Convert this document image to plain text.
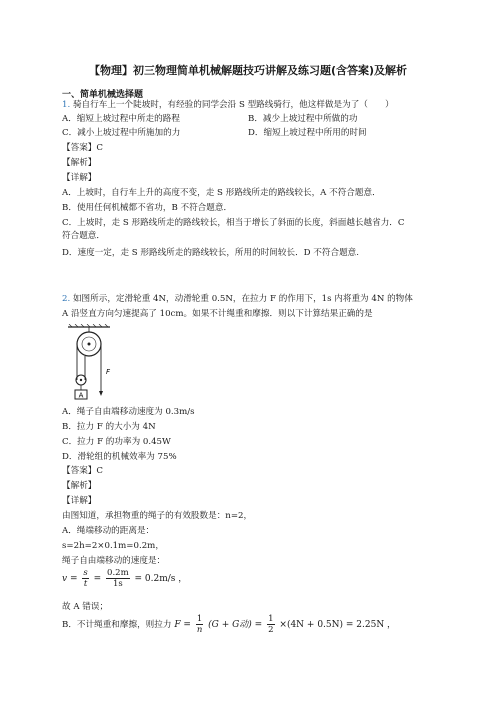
【物理】初三物理简单机械解题技巧讲解及练习题(含答案)及解析
一、简单机械选择题
1. 骑自行车上一个陡坡时，有经验的同学会沿 S 型路线骑行，他这样做是为了（　　）
A．缩短上坡过程中所走的路程	B．减少上坡过程中所做的功
C．减小上坡过程中所施加的力	D．缩短上坡过程中所用的时间
【答案】C
【解析】
【详解】
A．上坡时，自行车上升的高度不变，走 S 形路线所走的路线较长，A 不符合题意．
B．使用任何机械都不省功，B 不符合题意．
C．上坡时，走 S 形路线所走的路线较长，相当于增长了斜面的长度，斜面越长越省力．C
符合题意．
D．速度一定，走 S 形路线所走的路线较长，所用的时间较长．D 不符合题意.
2. 如图所示，定滑轮重 4N，动滑轮重 0.5N，在拉力 F 的作用下，1s 内将重为 4N 的物体
A 沿竖直方向匀速提高了 10cm。如果不计绳重和摩擦．则以下计算结果正确的是
A
F
A．绳子自由端移动速度为 0.3m/s
B．拉力 F 的大小为 4N
C．拉力 F 的功率为 0.45W
D．滑轮组的机械效率为 75%
【答案】C
【解析】
【详解】
由图知道，承担物重的绳子的有效股数是：n=2，
A．绳端移动的距离是：
s=2h=2×0.1m=0.2m，
绳子自由端移动的速度是：
$v = \frac{s}{t} = \frac{0.2m}{1s} = 0.2m/s$ ，
故 A 错误；
B．不计绳重和摩擦，则拉力 $F = \frac{1}{n} (G + G$动) = $\frac{1}{2} \times(4N + 0.5N) = 2.25N$ ，
